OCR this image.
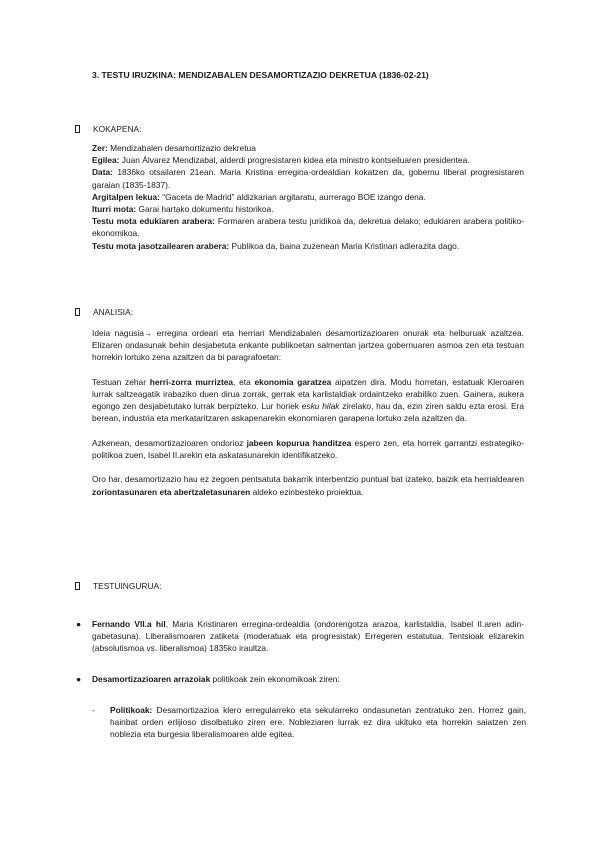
3. TESTU IRUZKINA: MENDIZABALEN DESAMORTIZAZIO DEKRETUA (1836-02-21)
KOKAPENA:

Zer: Mendizabalen desamortizazio dekretua

Egilea: Juan Álvarez Mendizabal, alderdi progresistaren kidea eta ministro kontseiluaren presidentea.

Data: 1836ko otsailaren 21ean. Maria Kristina erregina-ordealdian kokatzen da, gobernu liberal progresistaren garaian (1835-1837).

Argitalpen lekua: “Gaceta de Madrid” aldizkarian argitaratu, aurrerago BOE izango dena.

Iturri mota: Garai hartako dokumentu historikoa.

Testu mota edukiaren arabera: Formaren arabera testu juridikoa da, dekretua delako; edukiaren arabera politiko-ekonomikoa.

Testu mota jasotzailearen arabera: Publikoa da, baina zuzenean Maria Kristinari adierazita dago.

ANALISIA:

Ideia nagusia→ erregina ordeari eta herriari Mendizabalen desamortizazioaren onurak eta helburuak azaltzea. Elizaren ondasunak behin desjabetuta enkante publikoetan salmentan jartzea gobernuaren asmoa zen eta testuan horrekin lortuko zena azaltzen da bi paragrafoetan:

Testuan zehar herri-zorra murriztea, eta ekonomia garatzea aipatzen dira. Modu horretan, estatuak Kleroaren lurrak saltzeagatik irabaziko duen dirua zorrak, gerrak eta karlistaldiak ordaintzeko erabiliko zuen. Gainera, aukera egongo zen desjabetutako lurrak berpizteko. Lur horiek esku hilak zirelako, hau da, ezin ziren saldu ezta erosi. Era berean, industria eta merkataritzaren askapenarekin ekonomiaren garapena lortuko zela azaltzen da.

Azkenean, desamortizazioaren ondorioz jabeen kopurua handitzea espero zen, eta horrek garrantzi estrategiko-politikoa zuen, Isabel II.arekin eta askatasunarekin identifikatzeko.

Oro har, desamortizazio hau ez zegoen pentsatuta bakarrik interbentzio puntual bat izateko, baizik eta herrialdearen zoriontasunaren eta abertzaletasunaren aldeko ezinbesteko proiektua.

TESTUINGURUA:
●	Fernando VII.a hil, Maria Kristinaren erregina-ordealdia (ondorengotza arazoa, karlistaldia, Isabel II.aren adin-gabetasuna). Liberalismoaren zatiketa (moderatuak eta progresistak) Erregeren estatutua. Tentsioak elizarekin (absolutismoa vs. liberalismoa) 1835ko iraultza.
●	Desamortizazioaren arrazoiak politikoak zein ekonomikoak ziren:
- Politikoak: Desamortizazioa klero erregularreko eta sekularreko ondasunetan zentratuko zen. Horrez gain, hainbat orden erlijioso disolbatuko ziren ere. Nobleziaren lurrak ez dira ukituko eta horrekin saiatzen zen noblezia eta burgesia liberalismoaren alde egitea.
